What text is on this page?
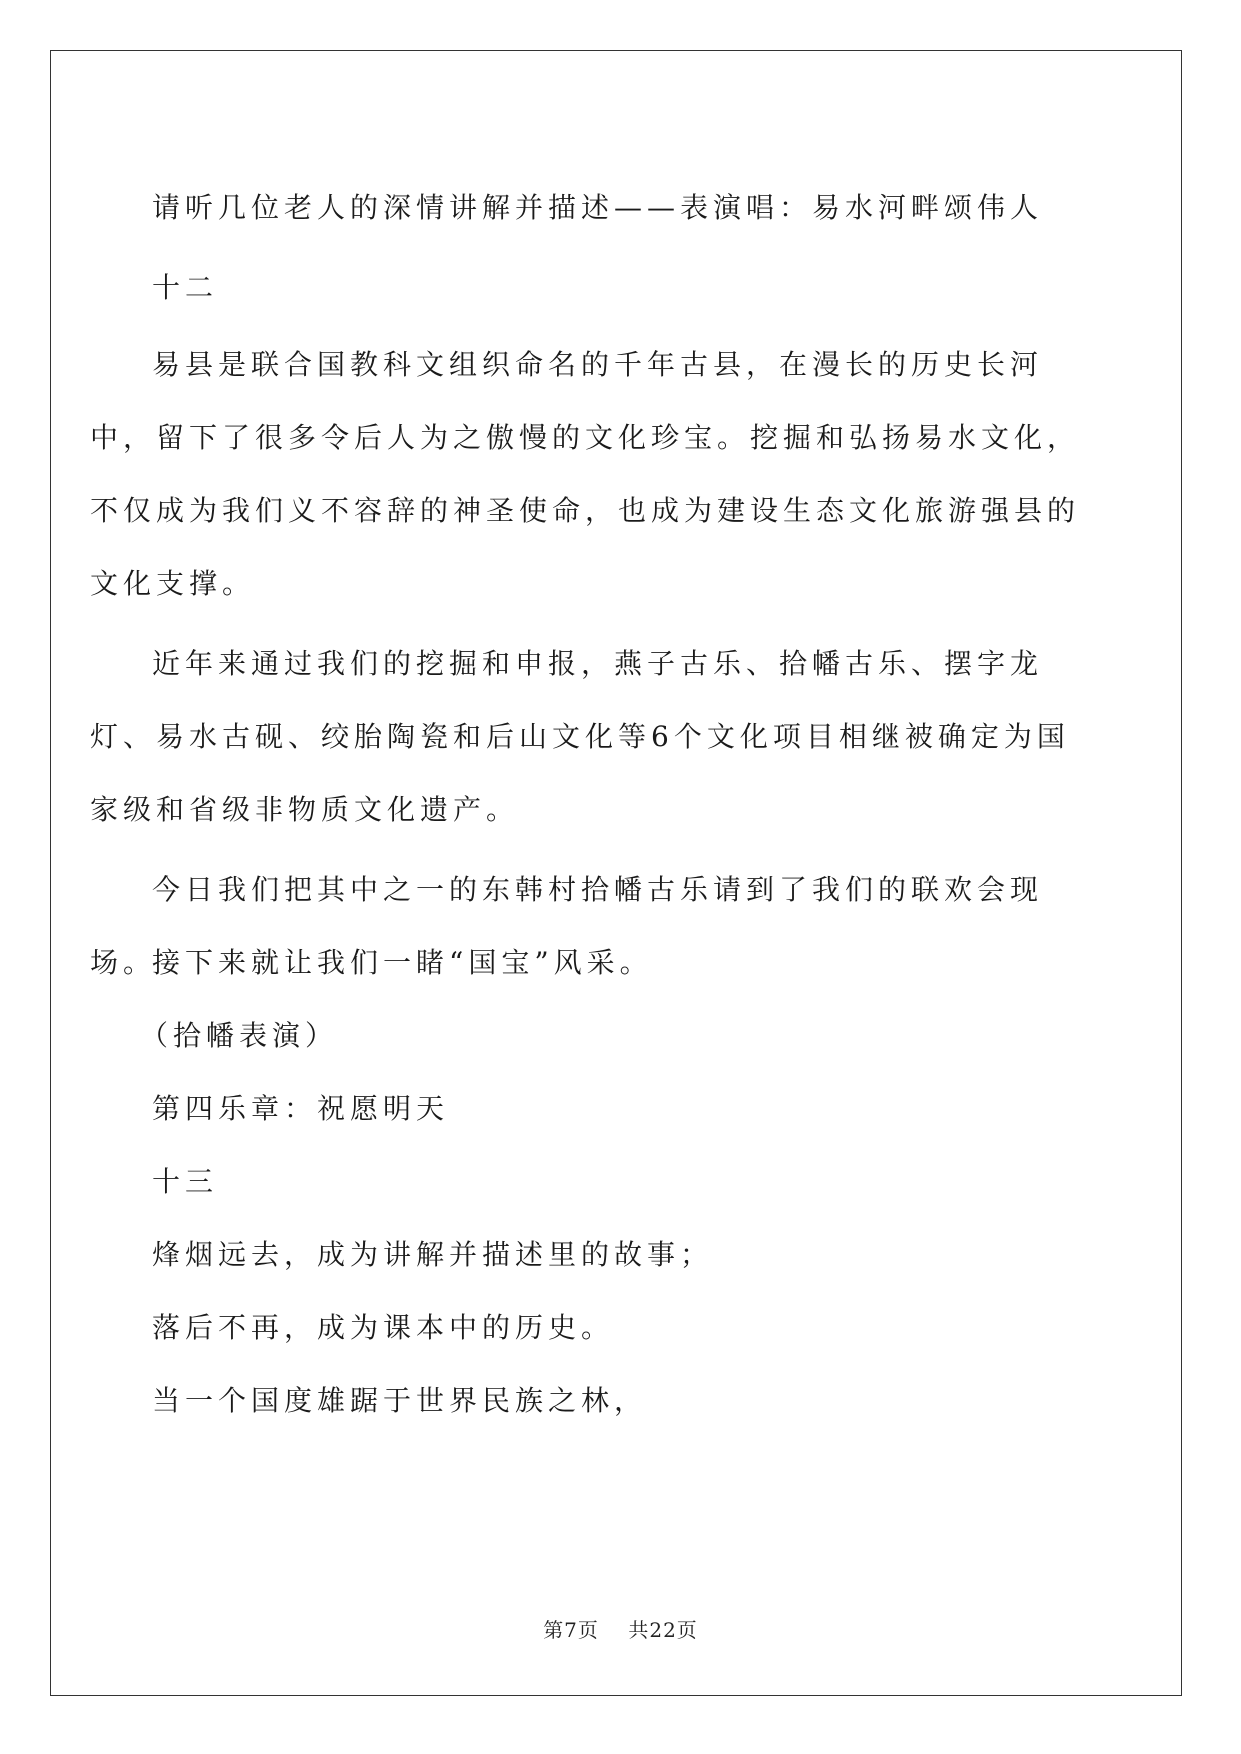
请听几位老人的深情讲解并描述——表演唱：易水河畔颂伟人

十二

易县是联合国教科文组织命名的千年古县，在漫长的历史长河中，留下了很多令后人为之傲慢的文化珍宝。挖掘和弘扬易水文化，不仅成为我们义不容辞的神圣使命，也成为建设生态文化旅游强县的文化支撑。

近年来通过我们的挖掘和申报，燕子古乐、拾幡古乐、摆字龙灯、易水古砚、绞胎陶瓷和后山文化等6个文化项目相继被确定为国家级和省级非物质文化遗产。

今日我们把其中之一的东韩村拾幡古乐请到了我们的联欢会现场。

接下来就让我们一睹“国宝”风采。

（拾幡表演）

第四乐章：祝愿明天

十三

烽烟远去，成为讲解并描述里的故事；

落后不再，成为课本中的历史。

当一个国度雄踞于世界民族之林，

第7页 共22页
